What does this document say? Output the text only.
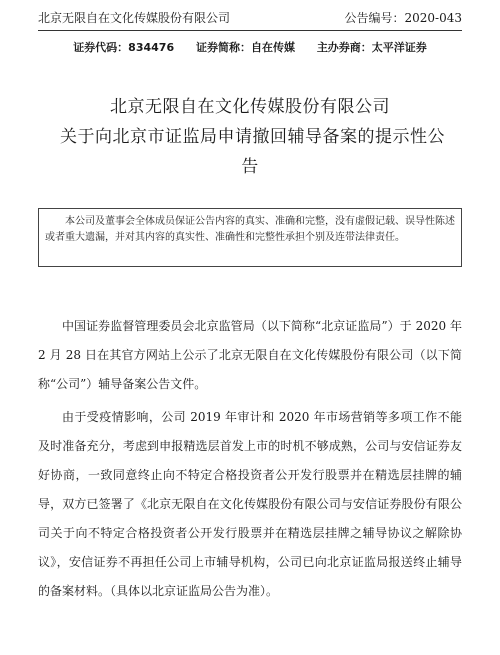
北京无限自在文化传媒股份有限公司	公告编号：2020-043
证券代码：834476 证券简称：自在传媒 主办券商：太平洋证券
北京无限自在文化传媒股份有限公司
关于向北京市证监局申请撤回辅导备案的提示性公
告
本公司及董事会全体成员保证公告内容的真实、准确和完整，没有虚假记载、误导性陈述或者重大遗漏，并对其内容的真实性、准确性和完整性承担个别及连带法律责任。

中国证券监督管理委员会北京监管局（以下简称“北京证监局”）于 2020 年 2 月 28 日在其官方网站上公示了北京无限自在文化传媒股份有限公司（以下简称“公司”）辅导备案公告文件。

由于受疫情影响，公司 2019 年审计和 2020 年市场营销等多项工作不能及时准备充分，考虑到申报精选层首发上市的时机不够成熟，公司与安信证券友好协商，一致同意终止向不特定合格投资者公开发行股票并在精选层挂牌的辅导，双方已签署了《北京无限自在文化传媒股份有限公司与安信证券股份有限公司关于向不特定合格投资者公开发行股票并在精选层挂牌之辅导协议之解除协议》，安信证券不再担任公司上市辅导机构，公司已向北京证监局报送终止辅导的备案材料。（具体以北京证监局公告为准）。
